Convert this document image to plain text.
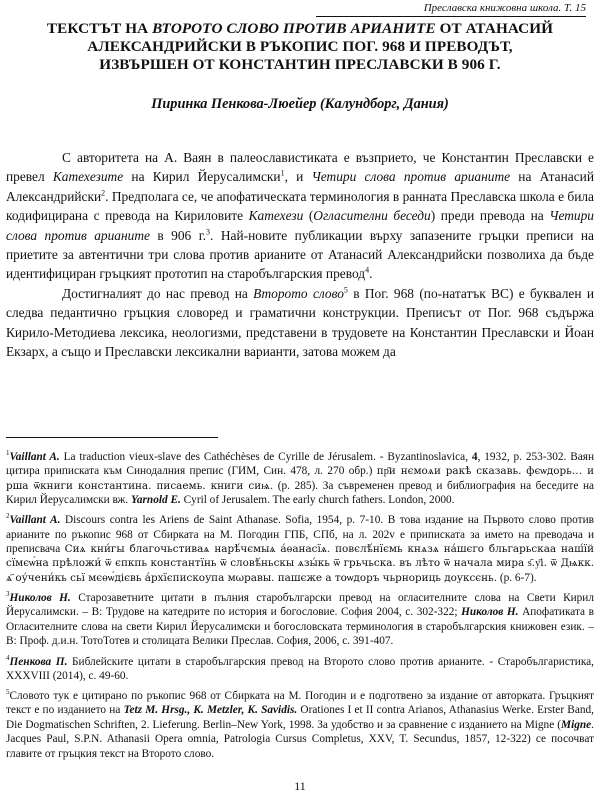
Преславска книжовна школа. Т. 15
ТЕКСТЪТ НА ВТОРОТО СЛОВО ПРОТИВ АРИАНИТЕ ОТ АТАНАСИЙ
АЛЕКСАНДРИЙСКИ В РЪКОПИС ПОГ. 968 И ПРЕВОДЪТ,
ИЗВЪРШЕН ОТ КОНСТАНТИН ПРЕСЛАВСКИ В 906 Г.
Пиринка Пенкова-Люейер (Калундборг, Дания)

С авторитета на А. Ваян в палеославистиката е възприето, че Константин Преславски е превел Катехезите на Кирил Йерусалимски$^1$, и Четири слова против арианите на Атанасий Александрийски$^2$. Предполага се, че апофатическата терминология в ранната Преславска школа е била кодифицирана с превода на Кириловите Катехези (Огласителни беседи) преди превода на Четири слова против арианите в 906 г.$^3$. Най-новите публикации върху запазените гръцки преписи на приетите за автентични три слова против арианите от Атанасий Александрийски позволиха да бъде идентифициран гръцкият прототип на старобългарския превод$^4$.

Достигналият до нас превод на Второто слово$^5$ в Пог. 968 (по-нататък ВС) е буквален и следва педантично гръцкия словоред и граматични конструкции. Преписът от Пог. 968 съдържа Кирило-Методиева лексика, неологизми, представени в трудовете на Константин Преславски и Йоан Екзарх, а също и Преславски лексикални варианти, затова можем да

$^1$Vaillant A. La traduction vieux-slave des Cathéchèses de Cyrille de Jérusalem. - Byzantinoslavica, 4, 1932, p. 253-302. Ваян цитира приписката към Синодалния препис (ГИМ, Син. 478, л. 270 обр.) пр҃и нємоѧи ракѣ сказавь. фєѡдорь… и рша ѿкниги константина. писаемь. книги сиѩ. (р. 285). За съвременен превод и библиография на беседите на Кирил Йерусалимски вж. Yarnold E. Cyril of Jerusalem. The early church fathers. London, 2000.

$^2$Vaillant A. Discours contra les Ariens de Saint Athanase. Sofia, 1954, p. 7-10. В това издание на Първото слово против арианите по ръкопис 968 от Сбирката на М. Погодин ГПБ, СПб, на л. 202v е приписката за името на преводача и преписвача Сиѧ кни́гы благочьстиваѧ нарѣ́чємыѧ а́ѳанасїѧ. повєлѣ́нїємь кнѧзѧ на́шєго бльгарьскаа наш́їй сїмєѡ́на прѣложи́ ѿ єпкпь константїнь ѿ словѣ́ньскы ѧзы́кь ѿ грьчьска. въ лѣто ѿ начала мира ѕ҃.у҃і. ѿ Дѩкк. ѧ҃ оу́чени́кь сьї мєѳѡ́дієвь а́рхїєпискоупа мωравы. пашєже а тоѡдоръ чьрнориць доуксєнь. (р. 6-7).

$^3$Николов Н. Старозаветните цитати в пълния старобългарски превод на огласителните слова на Свети Кирил Йерусалимски. – В: Трудове на катедрите по история и богословие. София 2004, с. 302-322; Николов Н. Апофатиката в Огласителните слова на свети Кирил Йерусалимски и богословската терминология в старобългарския книжовен език. – В: Проф. д.и.н. ТотоТотев и столицата Велики Преслав. София, 2006, с. 391-407.

$^4$Пенкова П. Библейските цитати в старобългарския превод на Второто слово против арианите. - Старобългаристика, XXXVIII (2014), с. 49-60.

$^5$Словото тук е цитирано по ръкопис 968 от Сбирката на М. Погодин и е подготвено за издание от авторката. Гръцкият текст е по изданието на Tetz M. Hrsg., K. Metzler, K. Savidis. Orationes I et II contra Arianos, Athanasius Werke. Erster Band, Die Dogmatischen Schriften, 2. Lieferung. Berlin–New York, 1998. За удобство и за сравнение с изданието на Migne (Migne. Jacques Paul, S.P.N. Athanasii Opera omnia, Patrologia Cursus Completus, XXV, T. Secundus, 1857, 12-322) се посочват главите от гръцкия текст на Второто слово.

11
